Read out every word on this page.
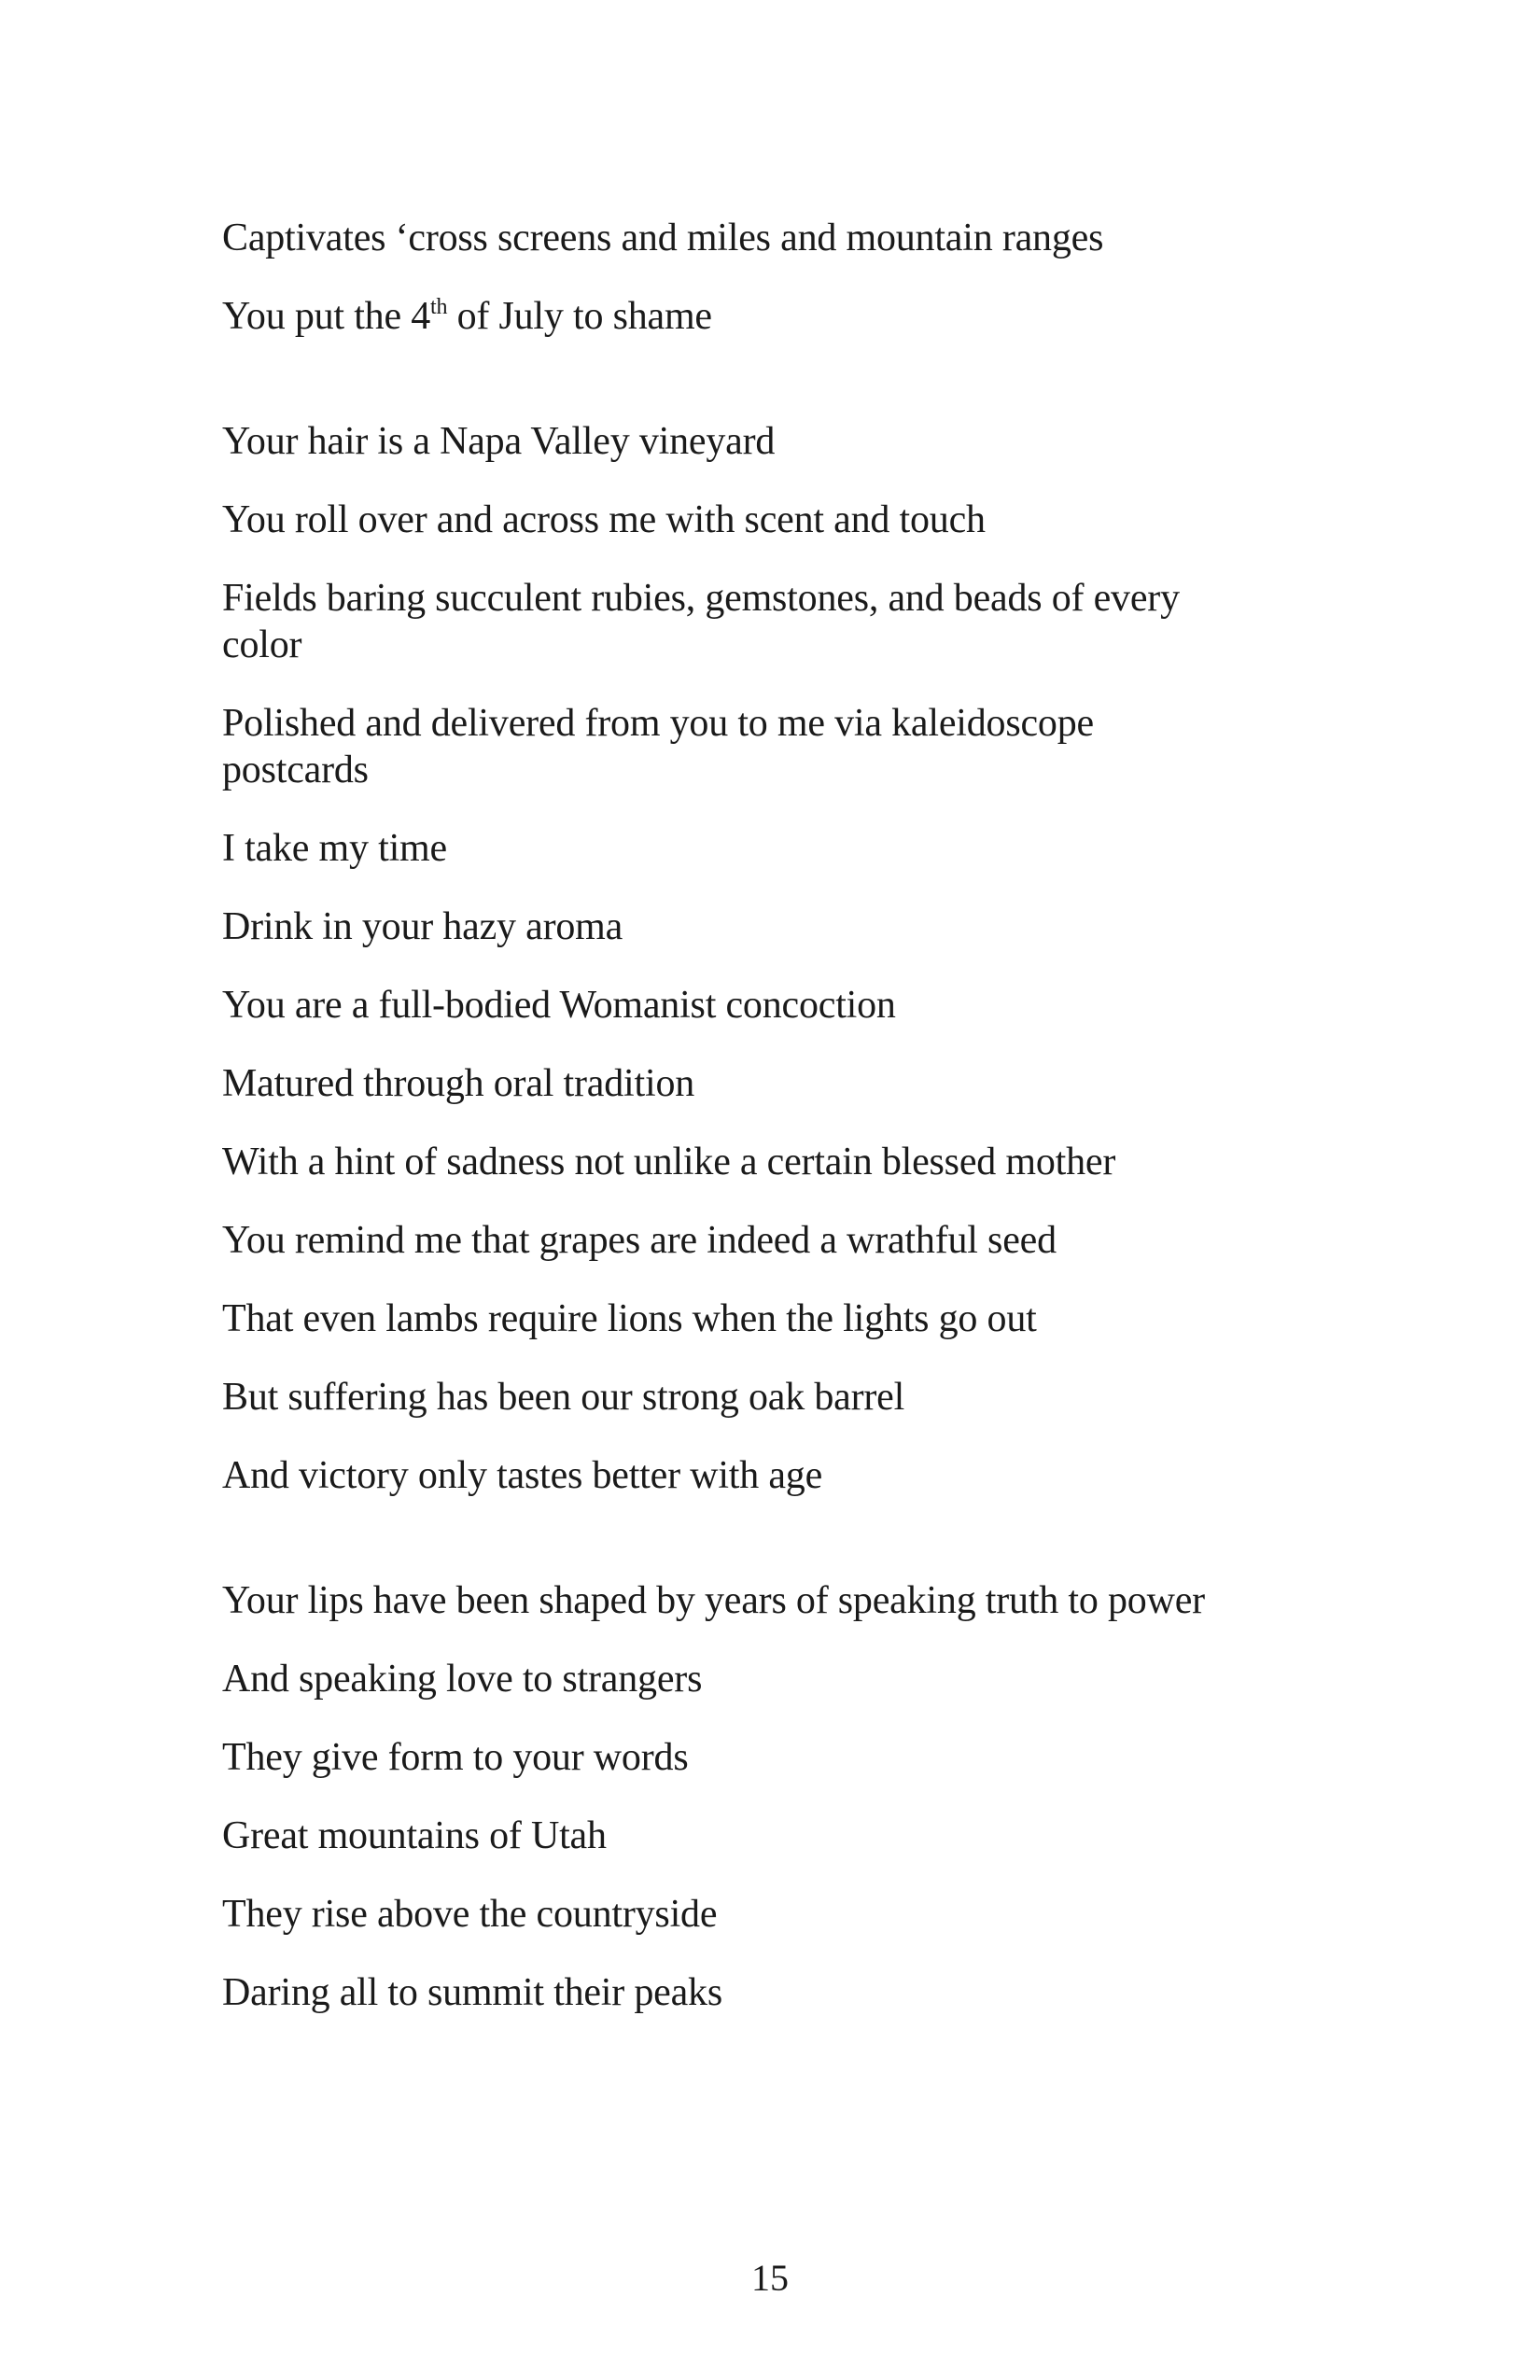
Captivates ‘cross screens and miles and mountain ranges
You put the 4th of July to shame
Your hair is a Napa Valley vineyard
You roll over and across me with scent and touch
Fields baring succulent rubies, gemstones, and beads of every color
Polished and delivered from you to me via kaleidoscope postcards
I take my time
Drink in your hazy aroma
You are a full-bodied Womanist concoction
Matured through oral tradition
With a hint of sadness not unlike a certain blessed mother
You remind me that grapes are indeed a wrathful seed
That even lambs require lions when the lights go out
But suffering has been our strong oak barrel
And victory only tastes better with age
Your lips have been shaped by years of speaking truth to power
And speaking love to strangers
They give form to your words
Great mountains of Utah
They rise above the countryside
Daring all to summit their peaks
15
